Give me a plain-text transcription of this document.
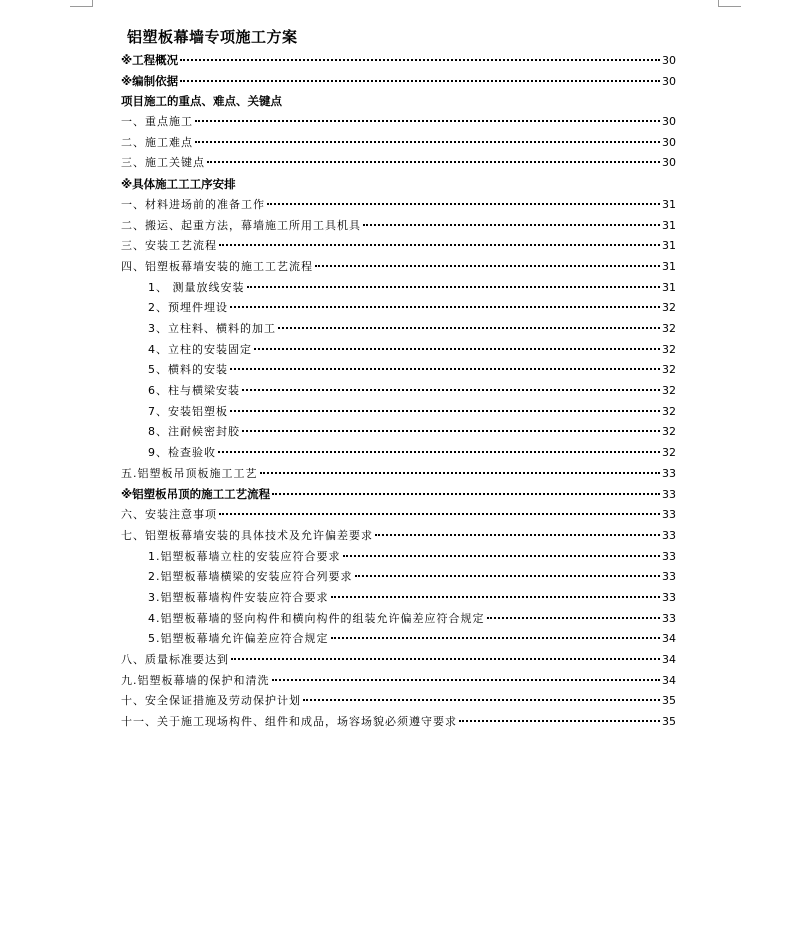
铝塑板幕墙专项施工方案
※工程概况	30
※编制依据	30
项目施工的重点、难点、关键点
一、重点施工	30
二、施工难点	30
三、施工关键点	30
※具体施工工工序安排
一、材料进场前的准备工作	31
二、搬运、起重方法，幕墙施工所用工具机具	31
三、安装工艺流程	31
四、铝塑板幕墙安装的施工工艺流程	31
1、 测量放线安装	31
2、预埋件埋设	32
3、立柱料、横料的加工	32
4、立柱的安装固定	32
5、横料的安装	32
6、柱与横梁安装	32
7、安装铝塑板	32
8、注耐候密封胶	32
9、检查验收	32
五.铝塑板吊顶板施工工艺	33
※铝塑板吊顶的施工工艺流程	33
六、安装注意事项	33
七、铝塑板幕墙安装的具体技术及允许偏差要求	33
1.铝塑板幕墙立柱的安装应符合要求	33
2.铝塑板幕墙横梁的安装应符合列要求	33
3.铝塑板幕墙构件安装应符合要求	33
4.铝塑板幕墙的竖向构件和横向构件的组装允许偏差应符合规定	33
5.铝塑板幕墙允许偏差应符合规定	34
八、质量标准要达到	34
九.铝塑板幕墙的保护和清洗	34
十、安全保证措施及劳动保护计划	35
十一、关于施工现场构件、组件和成品，场容场貌必须遵守要求	35
